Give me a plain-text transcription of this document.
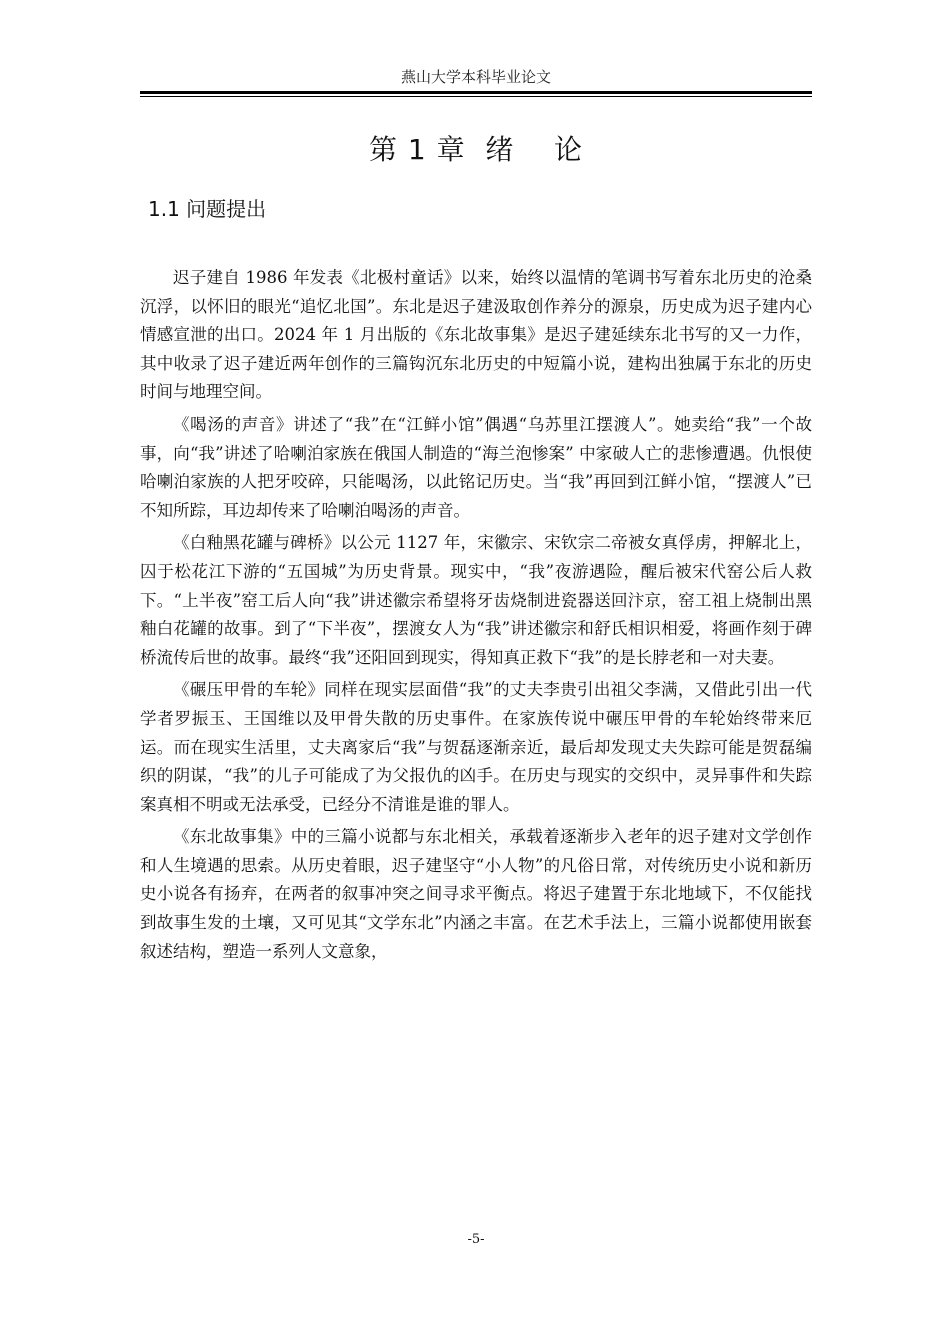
燕山大学本科毕业论文
第 1 章  绪    论
1.1 问题提出

迟子建自 1986 年发表《北极村童话》以来，始终以温情的笔调书写着东北历史的沧桑沉浮，以怀旧的眼光“追忆北国”。东北是迟子建汲取创作养分的源泉，历史成为迟子建内心情感宣泄的出口。2024 年 1 月出版的《东北故事集》是迟子建延续东北书写的又一力作，其中收录了迟子建近两年创作的三篇钩沉东北历史的中短篇小说，建构出独属于东北的历史时间与地理空间。

《喝汤的声音》讲述了“我”在“江鲜小馆”偶遇“乌苏里江摆渡人”。她卖给“我”一个故事，向“我”讲述了哈喇泊家族在俄国人制造的“海兰泡惨案” 中家破人亡的悲惨遭遇。仇恨使哈喇泊家族的人把牙咬碎，只能喝汤，以此铭记历史。当“我”再回到江鲜小馆，“摆渡人”已不知所踪，耳边却传来了哈喇泊喝汤的声音。

《白釉黑花罐与碑桥》以公元 1127 年，宋徽宗、宋钦宗二帝被女真俘虏，押解北上，囚于松花江下游的“五国城”为历史背景。现实中，“我”夜游遇险，醒后被宋代窑公后人救下。“上半夜”窑工后人向“我”讲述徽宗希望将牙齿烧制进瓷器送回汴京，窑工祖上烧制出黑釉白花罐的故事。到了“下半夜”，摆渡女人为“我”讲述徽宗和舒氏相识相爱，将画作刻于碑桥流传后世的故事。最终“我”还阳回到现实，得知真正救下“我”的是长脖老和一对夫妻。

《碾压甲骨的车轮》同样在现实层面借“我”的丈夫李贵引出祖父李满，又借此引出一代学者罗振玉、王国维以及甲骨失散的历史事件。在家族传说中碾压甲骨的车轮始终带来厄运。而在现实生活里，丈夫离家后“我”与贺磊逐渐亲近，最后却发现丈夫失踪可能是贺磊编织的阴谋，“我”的儿子可能成了为父报仇的凶手。在历史与现实的交织中，灵异事件和失踪案真相不明或无法承受，已经分不清谁是谁的罪人。

《东北故事集》中的三篇小说都与东北相关，承载着逐渐步入老年的迟子建对文学创作和人生境遇的思索。从历史着眼，迟子建坚守“小人物”的凡俗日常，对传统历史小说和新历史小说各有扬弃，在两者的叙事冲突之间寻求平衡点。将迟子建置于东北地域下，不仅能找到故事生发的土壤，又可见其“文学东北”内涵之丰富。在艺术手法上，三篇小说都使用嵌套叙述结构，塑造一系列人文意象，

-5-
